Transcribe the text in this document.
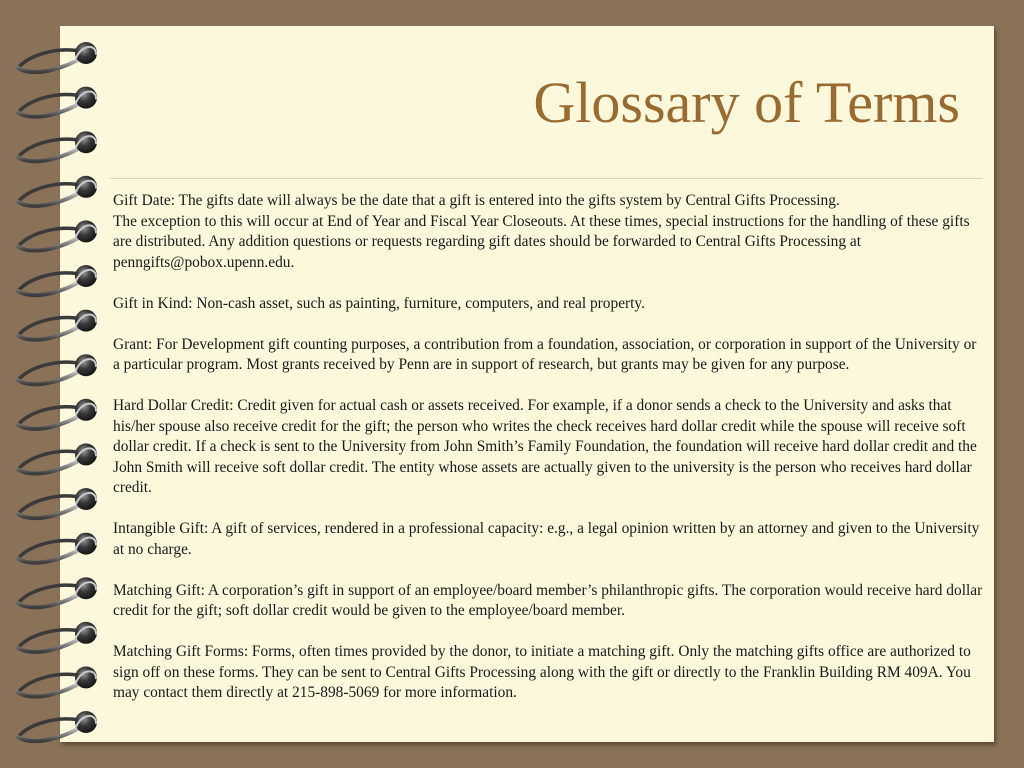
Glossary of Terms

Gift Date: The gifts date will always be the date that a gift is entered into the gifts system by Central Gifts Processing.

The exception to this will occur at End of Year and Fiscal Year Closeouts. At these times, special instructions for the handling of these gifts are distributed. Any addition questions or requests regarding gift dates should be forwarded to Central Gifts Processing at penngifts@pobox.upenn.edu.

Gift in Kind: Non-cash asset, such as painting, furniture, computers, and real property.

Grant: For Development gift counting purposes, a contribution from a foundation, association, or corporation in support of the University or a particular program. Most grants received by Penn are in support of research, but grants may be given for any purpose.

Hard Dollar Credit: Credit given for actual cash or assets received. For example, if a donor sends a check to the University and asks that his/her spouse also receive credit for the gift; the person who writes the check receives hard dollar credit while the spouse will receive soft dollar credit. If a check is sent to the University from John Smith’s Family Foundation, the foundation will receive hard dollar credit and the John Smith will receive soft dollar credit. The entity whose assets are actually given to the university is the person who receives hard dollar credit.

Intangible Gift: A gift of services, rendered in a professional capacity: e.g., a legal opinion written by an attorney and given to the University at no charge.

Matching Gift: A corporation’s gift in support of an employee/board member’s philanthropic gifts. The corporation would receive hard dollar credit for the gift; soft dollar credit would be given to the employee/board member.

Matching Gift Forms: Forms, often times provided by the donor, to initiate a matching gift. Only the matching gifts office are authorized to sign off on these forms. They can be sent to Central Gifts Processing along with the gift or directly to the Franklin Building RM 409A. You may contact them directly at 215-898-5069 for more information.
